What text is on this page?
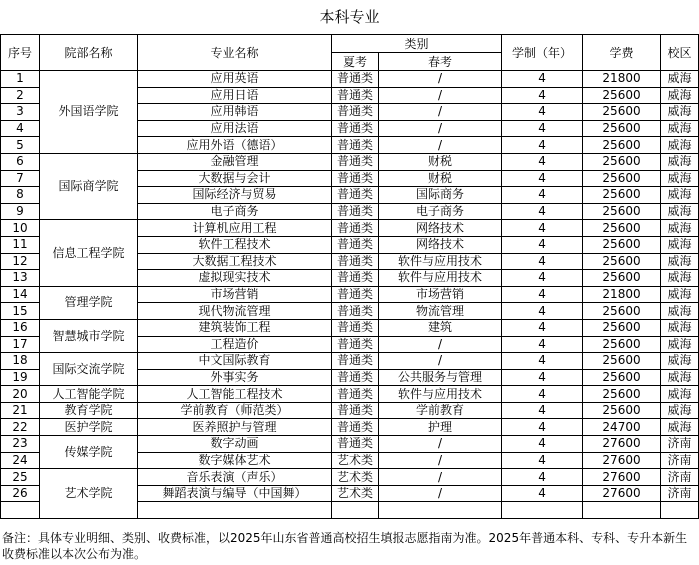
本科专业
序号	院部名称	专业名称	类别		学制（年）	学费	校区
			夏考	春考			
1	外国语学院	应用英语	普通类	/	4	21800	威海
2		应用日语	普通类	/	4	25600	威海
3		应用韩语	普通类	/	4	25600	威海
4		应用法语	普通类	/	4	25600	威海
5		应用外语（德语）	普通类	/	4	25600	威海
6	国际商学院	金融管理	普通类	财税	4	25600	威海
7		大数据与会计	普通类	财税	4	25600	威海
8		国际经济与贸易	普通类	国际商务	4	25600	威海
9		电子商务	普通类	电子商务	4	25600	威海
10	信息工程学院	计算机应用工程	普通类	网络技术	4	25600	威海
11		软件工程技术	普通类	网络技术	4	25600	威海
12		大数据工程技术	普通类	软件与应用技术	4	25600	威海
13		虚拟现实技术	普通类	软件与应用技术	4	25600	威海
14	管理学院	市场营销	普通类	市场营销	4	21800	威海
15		现代物流管理	普通类	物流管理	4	25600	威海
16	智慧城市学院	建筑装饰工程	普通类	建筑	4	25600	威海
17		工程造价	普通类	/	4	25600	威海
18	国际交流学院	中文国际教育	普通类	/	4	25600	威海
19		外事实务	普通类	公共服务与管理	4	25600	威海
20	人工智能学院	人工智能工程技术	普通类	软件与应用技术	4	25600	威海
21	教育学院	学前教育（师范类）	普通类	学前教育	4	25600	威海
22	医护学院	医养照护与管理	普通类	护理	4	24700	威海
23	传媒学院	数字动画	普通类	/	4	27600	济南
24		数字媒体艺术	艺术类	/	4	27600	济南
25	艺术学院	音乐表演（声乐）	艺术类	/	4	27600	济南
26		舞蹈表演与编导（中国舞）	艺术类	/	4	27600	济南

备注：具体专业明细、类别、收费标准，以2025年山东省普通高校招生填报志愿指南为准。2025年普通本科、专科、专升本新生收费标准以本次公布为准。
